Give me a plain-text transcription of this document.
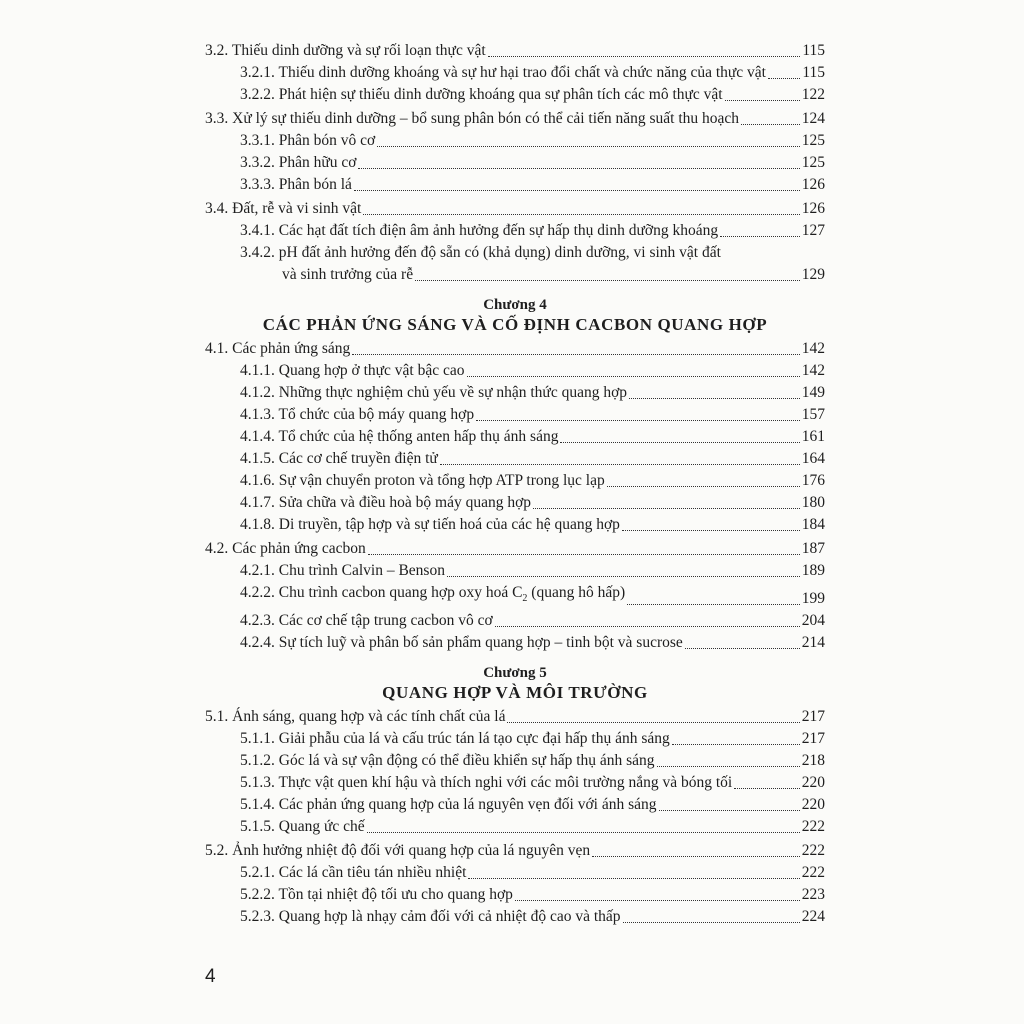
3.2. Thiếu dinh dưỡng và sự rối loạn thực vật	115
3.2.1. Thiếu dinh dưỡng khoáng và sự hư hại trao đổi chất và chức năng của thực vật 115
3.2.2. Phát hiện sự thiếu dinh dưỡng khoáng qua sự phân tích các mô thực vật	122
3.3. Xử lý sự thiếu dinh dưỡng – bổ sung phân bón có thể cải tiến năng suất thu hoạch	124
3.3.1. Phân bón vô cơ	125
3.3.2. Phân hữu cơ	125
3.3.3. Phân bón lá	126
3.4. Đất, rễ và vi sinh vật	126
3.4.1. Các hạt đất tích điện âm ảnh hưởng đến sự hấp thụ dinh dưỡng khoáng	127
3.4.2. pH đất ảnh hưởng đến độ sẵn có (khả dụng) dinh dưỡng, vi sinh vật đất
và sinh trưởng của rễ	129
Chương 4
CÁC PHẢN ỨNG SÁNG VÀ CỐ ĐỊNH CACBON QUANG HỢP
4.1. Các phản ứng sáng	142
4.1.1. Quang hợp ở thực vật bậc cao	142
4.1.2. Những thực nghiệm chủ yếu về sự nhận thức quang hợp	149
4.1.3. Tổ chức của bộ máy quang hợp	157
4.1.4. Tổ chức của hệ thống anten hấp thụ ánh sáng	161
4.1.5. Các cơ chế truyền điện tử	164
4.1.6. Sự vận chuyển proton và tổng hợp ATP trong lục lạp	176
4.1.7. Sửa chữa và điều hoà bộ máy quang hợp	180
4.1.8. Di truyền, tập hợp và sự tiến hoá của các hệ quang hợp	184
4.2. Các phản ứng cacbon	187
4.2.1. Chu trình Calvin – Benson	189
4.2.2. Chu trình cacbon quang hợp oxy hoá $C_2$ (quang hô hấp)	199
4.2.3. Các cơ chế tập trung cacbon vô cơ	204
4.2.4. Sự tích luỹ và phân bố sản phẩm quang hợp – tinh bột và sucrose	214
Chương 5
QUANG HỢP VÀ MÔI TRƯỜNG
5.1. Ánh sáng, quang hợp và các tính chất của lá	217
5.1.1. Giải phẫu của lá và cấu trúc tán lá tạo cực đại hấp thụ ánh sáng	217
5.1.2. Góc lá và sự vận động có thể điều khiển sự hấp thụ ánh sáng	218
5.1.3. Thực vật quen khí hậu và thích nghi với các môi trường nắng và bóng tối	220
5.1.4. Các phản ứng quang hợp của lá nguyên vẹn đối với ánh sáng	220
5.1.5. Quang ức chế	222
5.2. Ảnh hưởng nhiệt độ đối với quang hợp của lá nguyên vẹn	222
5.2.1. Các lá cần tiêu tán nhiều nhiệt	222
5.2.2. Tồn tại nhiệt độ tối ưu cho quang hợp	223
5.2.3. Quang hợp là nhạy cảm đối với cả nhiệt độ cao và thấp	224
4
